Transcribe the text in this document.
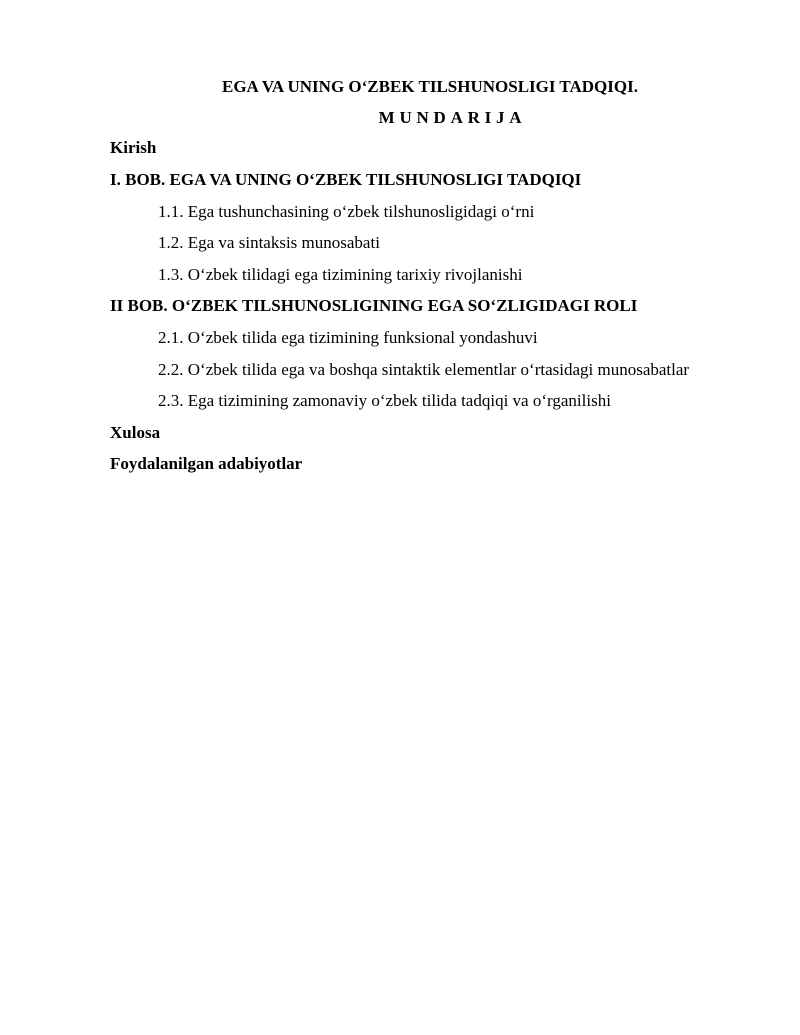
EGA VA UNING O‘ZBEK TILSHUNOSLIGI TADQIQI.
MUNDARIJA
Kirish
I. BOB. EGA VA UNING O‘ZBEK TILSHUNOSLIGI TADQIQI
1.1. Ega tushunchasining o‘zbek tilshunosligidagi o‘rni
1.2. Ega va sintaksis munosabati
1.3. O‘zbek tilidagi ega tizimining tarixiy rivojlanishi
II BOB. O‘ZBEK TILSHUNOSLIGINING EGA SO‘ZLIGIDAGI ROLI
2.1. O‘zbek tilida ega tizimining funksional yondashuvi
2.2. O‘zbek tilida ega va boshqa sintaktik elementlar o‘rtasidagi munosabatlar
2.3. Ega tizimining zamonaviy o‘zbek tilida tadqiqi va o‘rganilishi
Xulosa
Foydalanilgan adabiyotlar
